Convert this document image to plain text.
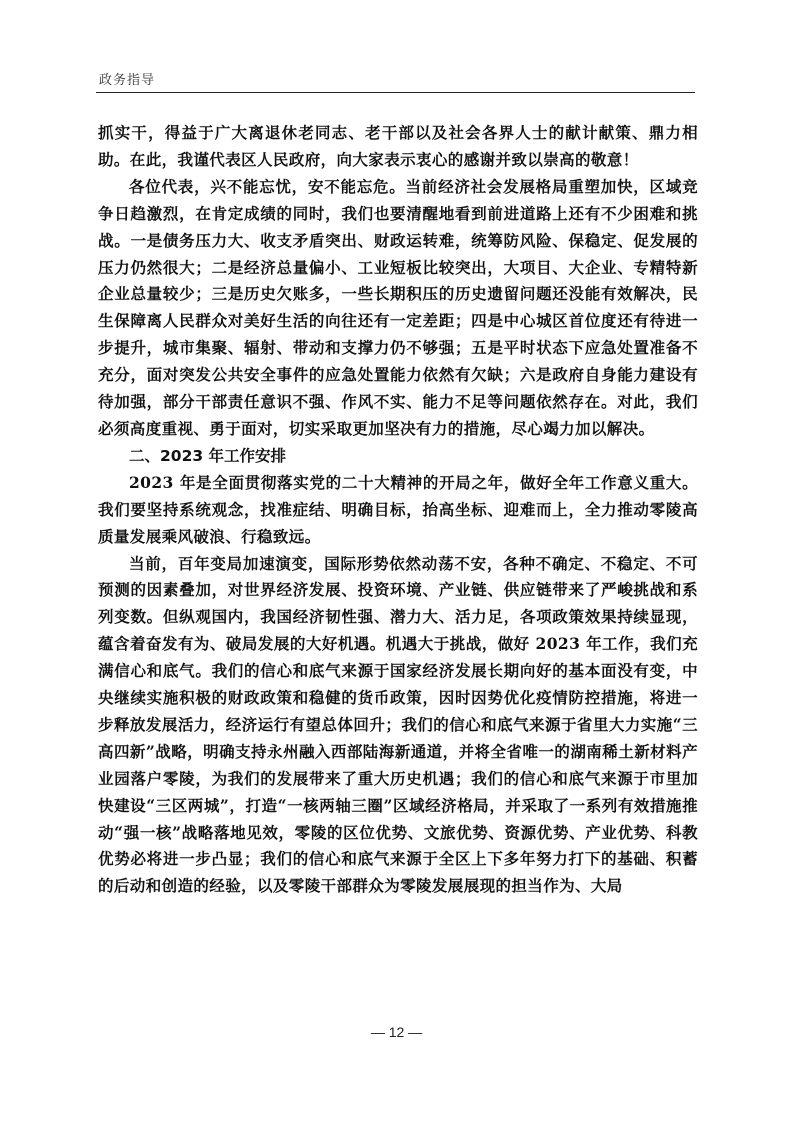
政务指导

抓实干，得益于广大离退休老同志、老干部以及社会各界人士的献计献策、鼎力相助。在此，我谨代表区人民政府，向大家表示衷心的感谢并致以崇高的敬意！

各位代表，兴不能忘忧，安不能忘危。当前经济社会发展格局重塑加快，区域竞争日趋激烈，在肯定成绩的同时，我们也要清醒地看到前进道路上还有不少困难和挑战。一是债务压力大、收支矛盾突出、财政运转难，统筹防风险、保稳定、促发展的压力仍然很大；二是经济总量偏小、工业短板比较突出，大项目、大企业、专精特新企业总量较少；三是历史欠账多，一些长期积压的历史遗留问题还没能有效解决，民生保障离人民群众对美好生活的向往还有一定差距；四是中心城区首位度还有待进一步提升，城市集聚、辐射、带动和支撑力仍不够强；五是平时状态下应急处置准备不充分，面对突发公共安全事件的应急处置能力依然有欠缺；六是政府自身能力建设有待加强，部分干部责任意识不强、作风不实、能力不足等问题依然存在。对此，我们必须高度重视、勇于面对，切实采取更加坚决有力的措施，尽心竭力加以解决。

二、2023 年工作安排

2023 年是全面贯彻落实党的二十大精神的开局之年，做好全年工作意义重大。我们要坚持系统观念，找准症结、明确目标，抬高坐标、迎难而上，全力推动零陵高质量发展乘风破浪、行稳致远。

当前，百年变局加速演变，国际形势依然动荡不安，各种不确定、不稳定、不可预测的因素叠加，对世界经济发展、投资环境、产业链、供应链带来了严峻挑战和系列变数。但纵观国内，我国经济韧性强、潜力大、活力足，各项政策效果持续显现，蕴含着奋发有为、破局发展的大好机遇。机遇大于挑战，做好 2023 年工作，我们充满信心和底气。我们的信心和底气来源于国家经济发展长期向好的基本面没有变，中央继续实施积极的财政政策和稳健的货币政策，因时因势优化疫情防控措施，将进一步释放发展活力，经济运行有望总体回升；我们的信心和底气来源于省里大力实施“三高四新”战略，明确支持永州融入西部陆海新通道，并将全省唯一的湖南稀土新材料产业园落户零陵，为我们的发展带来了重大历史机遇；我们的信心和底气来源于市里加快建设“三区两城”，打造“一核两轴三圈”区域经济格局，并采取了一系列有效措施推动“强一核”战略落地见效，零陵的区位优势、文旅优势、资源优势、产业优势、科教优势必将进一步凸显；我们的信心和底气来源于全区上下多年努力打下的基础、积蓄的后动和创造的经验，以及零陵干部群众为零陵发展展现的担当作为、大局

— 12 —
